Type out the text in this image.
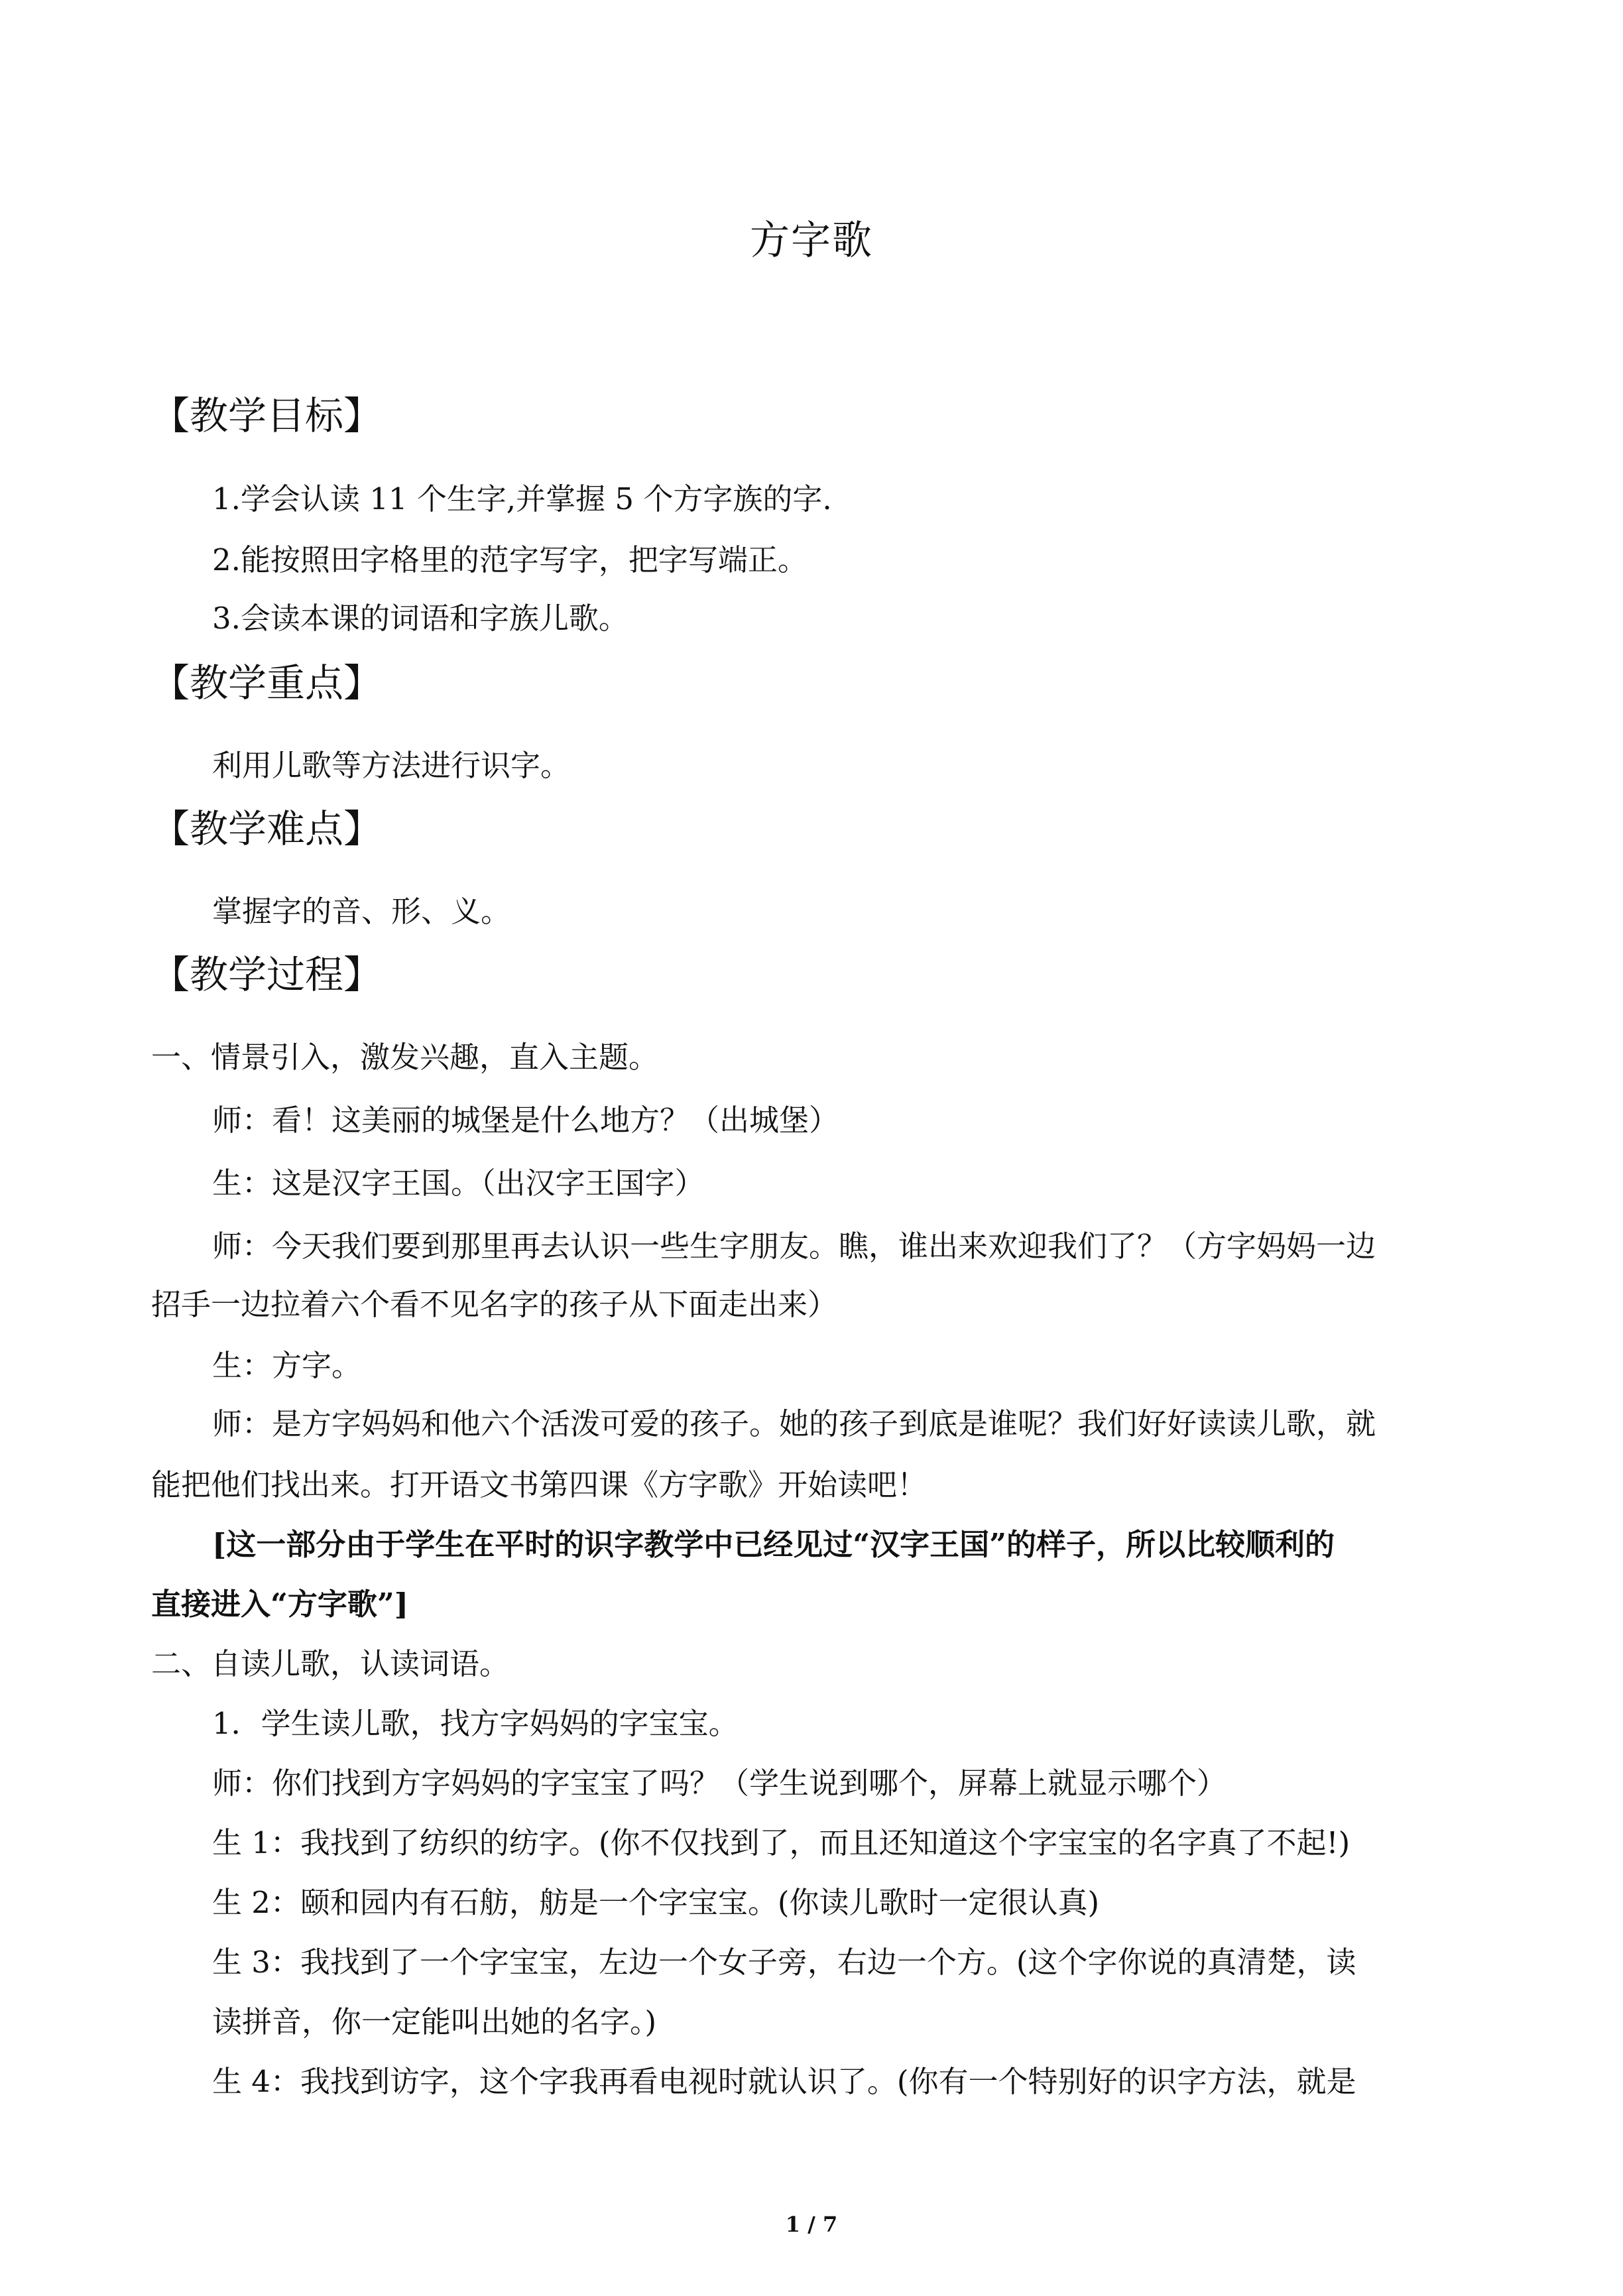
方字歌
【教学目标】
1.学会认读 11 个生字,并掌握 5 个方字族的字.
2.能按照田字格里的范字写字，把字写端正。
3.会读本课的词语和字族儿歌。
【教学重点】
利用儿歌等方法进行识字。
【教学难点】
掌握字的音、形、义。
【教学过程】
一、情景引入，激发兴趣，直入主题。
师：看！这美丽的城堡是什么地方？（出城堡）
生：这是汉字王国。（出汉字王国字）
师：今天我们要到那里再去认识一些生字朋友。瞧，谁出来欢迎我们了？（方字妈妈一边
招手一边拉着六个看不见名字的孩子从下面走出来）
生：方字。
师：是方字妈妈和他六个活泼可爱的孩子。她的孩子到底是谁呢？我们好好读读儿歌，就
能把他们找出来。打开语文书第四课《方字歌》开始读吧！
[这一部分由于学生在平时的识字教学中已经见过“汉字王国”的样子，所以比较顺利的
直接进入“方字歌”]
二、自读儿歌，认读词语。
1．学生读儿歌，找方字妈妈的字宝宝。
师：你们找到方字妈妈的字宝宝了吗？（学生说到哪个，屏幕上就显示哪个）
生 1：我找到了纺织的纺字。(你不仅找到了，而且还知道这个字宝宝的名字真了不起!)
生 2：颐和园内有石舫，舫是一个字宝宝。(你读儿歌时一定很认真)
生 3：我找到了一个字宝宝，左边一个女子旁，右边一个方。(这个字你说的真清楚，读
读拼音，你一定能叫出她的名字。)
生 4：我找到访字，这个字我再看电视时就认识了。(你有一个特别好的识字方法，就是
1 / 7
